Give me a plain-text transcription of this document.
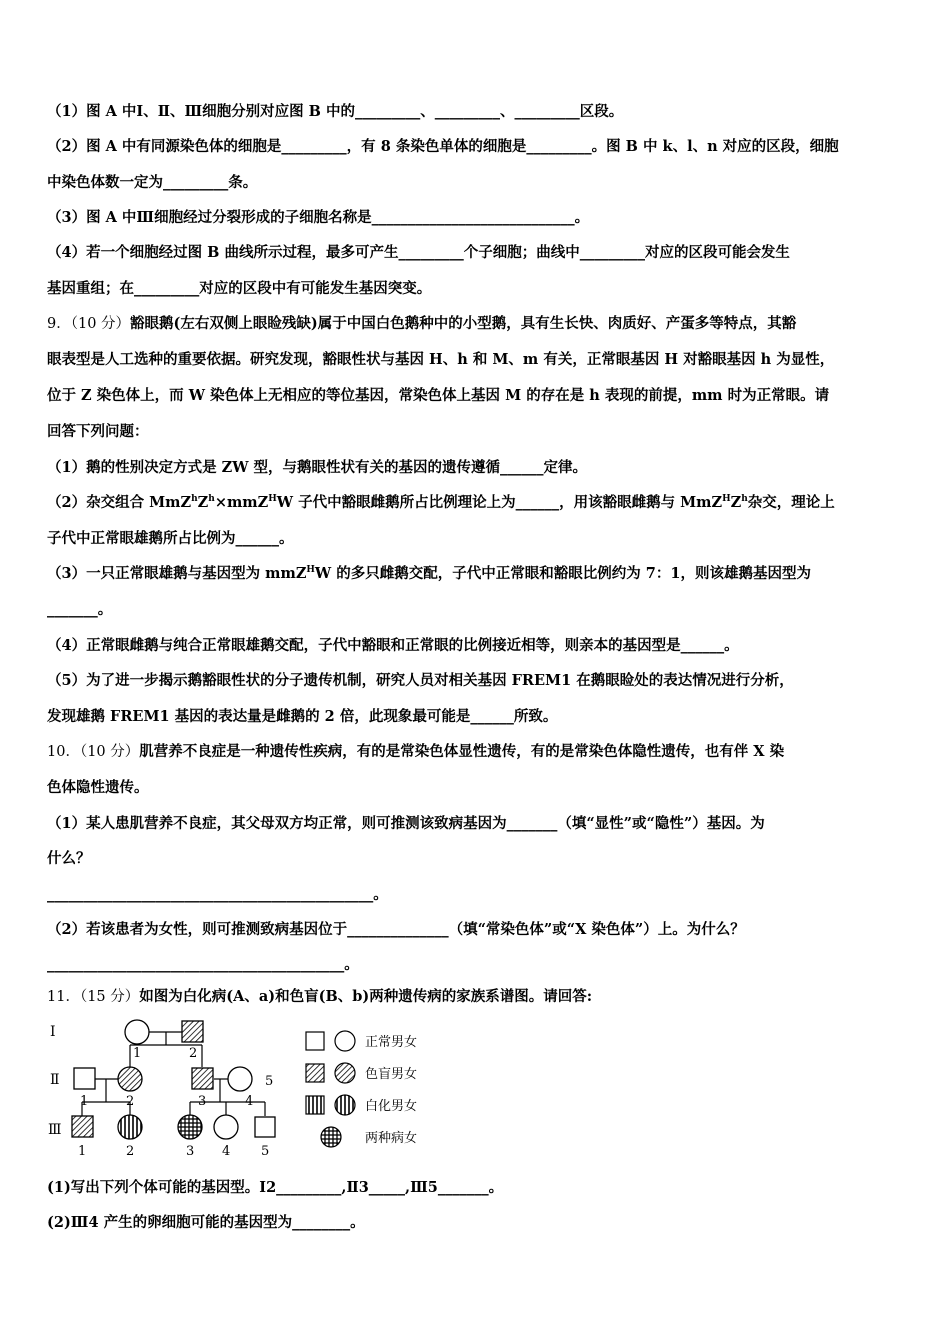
（1）图 A 中Ⅰ、Ⅱ、Ⅲ细胞分别对应图 B 中的_________、_________、_________区段。
（2）图 A 中有同源染色体的细胞是_________，有 8 条染色单体的细胞是_________。图 B 中 k、l、n 对应的区段，细胞
中染色体数一定为_________条。
（3）图 A 中Ⅲ细胞经过分裂形成的子细胞名称是____________________________。
（4）若一个细胞经过图 B 曲线所示过程，最多可产生_________个子细胞；曲线中_________对应的区段可能会发生
基因重组；在_________对应的区段中有可能发生基因突变。
9．（10 分）豁眼鹅(左右双侧上眼睑残缺)属于中国白色鹅种中的小型鹅，具有生长快、肉质好、产蛋多等特点，其豁
眼表型是人工选种的重要依据。研究发现，豁眼性状与基因 H、h 和 M、m 有关，正常眼基因 H 对豁眼基因 h 为显性，
位于 Z 染色体上，而 W 染色体上无相应的等位基因，常染色体上基因 M 的存在是 h 表现的前提，mm 时为正常眼。请
回答下列问题：
（1）鹅的性别决定方式是 ZW 型，与鹅眼性状有关的基因的遗传遵循______定律。
（2）杂交组合 $MmZ^hZ^h\times mmZ^HW$ 子代中豁眼雌鹅所占比例理论上为______，用该豁眼雌鹅与 $MmZ^HZ^h$杂交，理论上
子代中正常眼雄鹅所占比例为______。
（3）一只正常眼雄鹅与基因型为 mmZ$^H$W 的多只雌鹅交配，子代中正常眼和豁眼比例约为 7：1，则该雄鹅基因型为
_______。
（4）正常眼雌鹅与纯合正常眼雄鹅交配，子代中豁眼和正常眼的比例接近相等，则亲本的基因型是______。
（5）为了进一步揭示鹅豁眼性状的分子遗传机制，研究人员对相关基因 FREM1 在鹅眼睑处的表达情况进行分析，
发现雄鹅 FREM1 基因的表达量是雌鹅的 2 倍，此现象最可能是______所致。
10．（10 分）肌营养不良症是一种遗传性疾病，有的是常染色体显性遗传，有的是常染色体隐性遗传，也有伴 X 染
色体隐性遗传。
（1）某人患肌营养不良症，其父母双方均正常，则可推测该致病基因为_______（填“显性”或“隐性”）基因。为
什么？
_____________________________________________。
（2）若该患者为女性，则可推测致病基因位于______________（填“常染色体”或“X 染色体”）上。为什么？
_________________________________________。
11．（15 分）如图为白化病(A、a)和色盲(B、b)两种遗传病的家族系谱图。请回答:
Ⅰ
Ⅱ
Ⅲ
1	2
1	2	3	4
5
1	2	3 4 5
正常男女
色盲男女
白化男女
两种病女
(1)写出下列个体可能的基因型。Ⅰ2_________,Ⅱ3_____,Ⅲ5_______。
(2)Ⅲ4 产生的卵细胞可能的基因型为________。
